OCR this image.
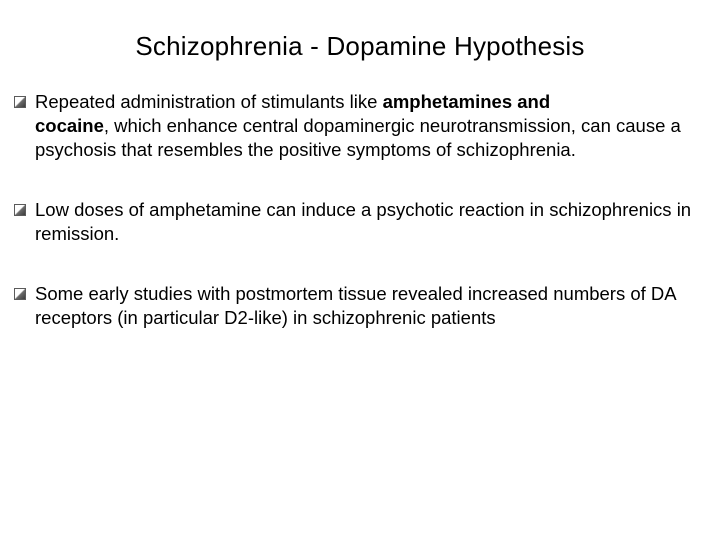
Schizophrenia - Dopamine Hypothesis
Repeated administration of stimulants like amphetamines and
cocaine, which enhance central dopaminergic neurotransmission, can cause a psychosis that resembles the positive symptoms of schizophrenia.
Low doses of amphetamine can induce a psychotic reaction in schizophrenics in remission.
Some early studies with postmortem tissue revealed increased numbers of DA receptors (in particular D2-like) in schizophrenic patients
